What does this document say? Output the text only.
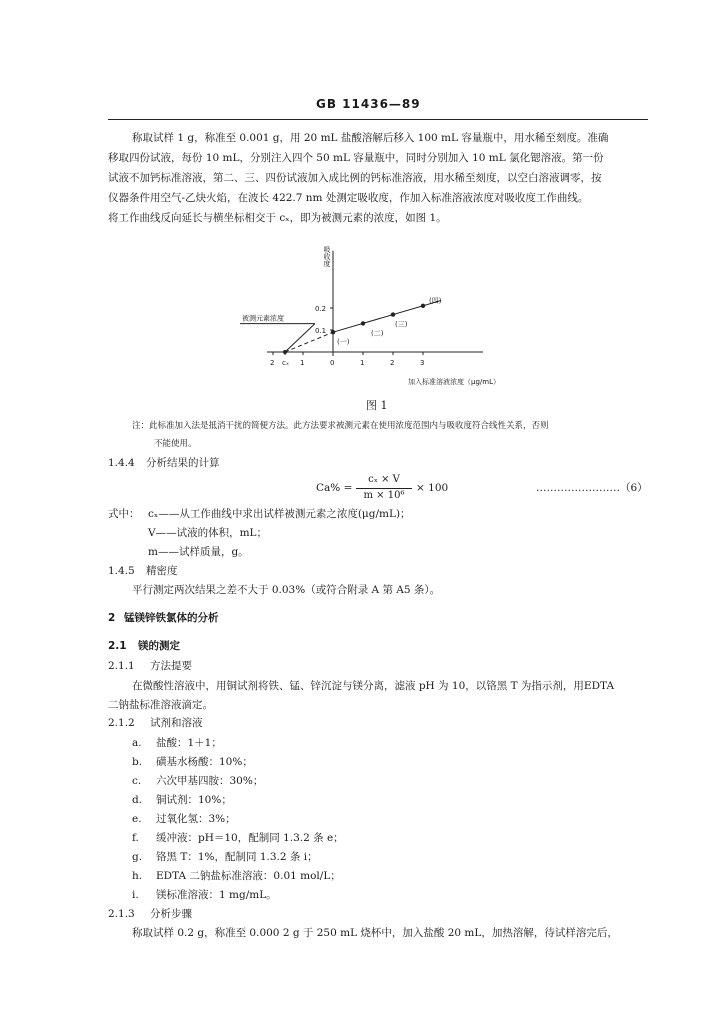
GB 11436—89
称取试样 1 g，称准至 0.001 g，用 20 mL 盐酸溶解后移入 100 mL 容量瓶中，用水稀至刻度。准确
移取四份试液，每份 10 mL，分别注入四个 50 mL 容量瓶中，同时分别加入 10 mL 氯化锶溶液。第一份
试液不加钙标准溶液，第二、三、四份试液加入成比例的钙标准溶液，用水稀至刻度，以空白溶液调零，按
仪器条件用空气-乙炔火焰，在波长 422.7 nm 处测定吸收度，作加入标准溶液浓度对吸收度工作曲线。
将工作曲线反向延长与横坐标相交于 cₓ，即为被测元素的浓度，如图 1。
吸收度
0.2
0.1
2 cₓ 1	0	1	2	3
加入标准溶液浓度（μg/mL）
被测元素浓度
(一)
(二)
(三)
(四)
图 1
注：此标准加入法是抵消干扰的简便方法。此方法要求被测元素在使用浓度范围内与吸收度符合线性关系，否则
不能使用。
1.4.4 分析结果的计算
Ca% =
cₓ × V
m × 10⁶
× 100	……………………（6）
式中： cₓ——从工作曲线中求出试样被测元素之浓度(μg/mL)；
V——试液的体积，mL；
m——试样质量，g。
1.4.5 精密度
平行测定两次结果之差不大于 0.03%（或符合附录 A 第 A5 条）。
2 锰镁锌铁氯体的分析
2.1 镁的测定
2.1.1 方法提要
在微酸性溶液中，用铜试剂将铁、锰、锌沉淀与镁分离，滤液 pH 为 10，以铬黑 T 为指示剂，用EDTA
二钠盐标准溶液滴定。
2.1.2 试剂和溶液
a. 盐酸：1＋1；
b. 磺基水杨酸：10%；
c. 六次甲基四胺：30%；
d. 铜试剂：10%；
e. 过氧化氢：3%；
f. 缓冲液：pH＝10，配制同 1.3.2 条 e；
g. 铬黑 T：1%，配制同 1.3.2 条 i；
h. EDTA 二钠盐标准溶液：0.01 mol/L；
i. 镁标准溶液：1 mg/mL。
2.1.3 分析步骤
称取试样 0.2 g，称准至 0.000 2 g 于 250 mL 烧杯中，加入盐酸 20 mL，加热溶解，待试样溶完后，
